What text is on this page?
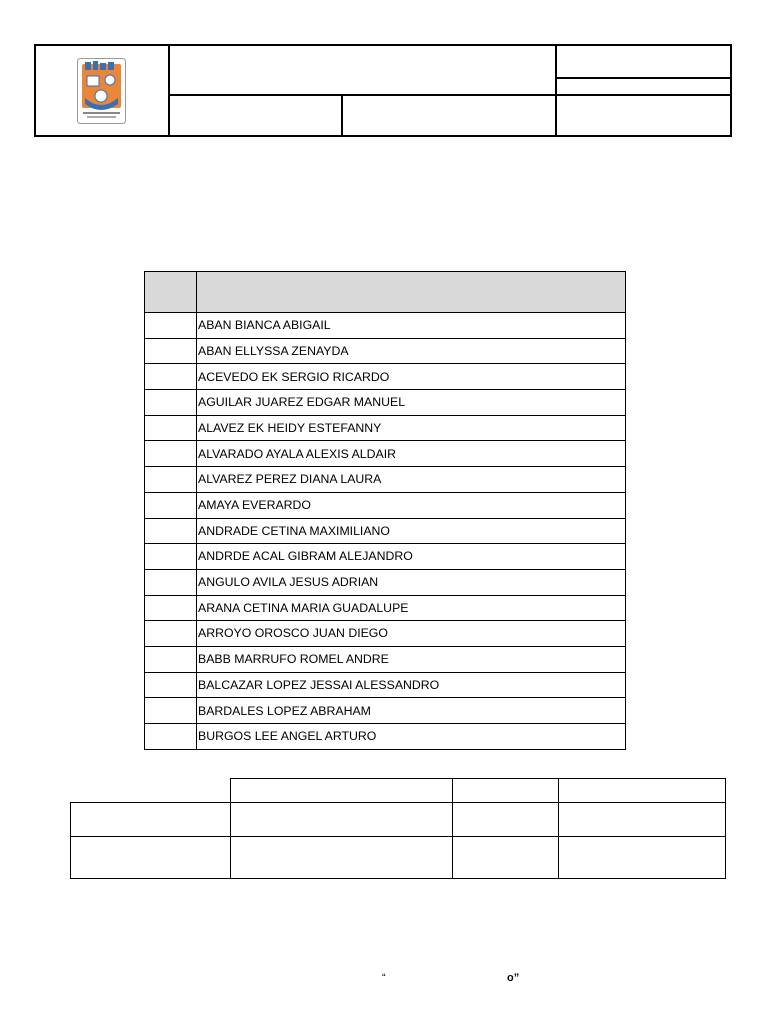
	ABAN BIANCA ABIGAIL
	ABAN ELLYSSA ZENAYDA
	ACEVEDO EK SERGIO RICARDO
	AGUILAR JUAREZ EDGAR MANUEL
	ALAVEZ EK HEIDY ESTEFANNY
	ALVARADO AYALA ALEXIS ALDAIR
	ALVAREZ PEREZ DIANA LAURA
	AMAYA EVERARDO
	ANDRADE CETINA MAXIMILIANO
	ANDRDE ACAL GIBRAM ALEJANDRO
	ANGULO AVILA JESUS ADRIAN
	ARANA CETINA MARIA GUADALUPE
	ARROYO OROSCO JUAN DIEGO
	BABB MARRUFO ROMEL ANDRE
	BALCAZAR LOPEZ JESSAI ALESSANDRO
	BARDALES LOPEZ ABRAHAM
	BURGOS LEE ANGEL ARTURO
“	o”
